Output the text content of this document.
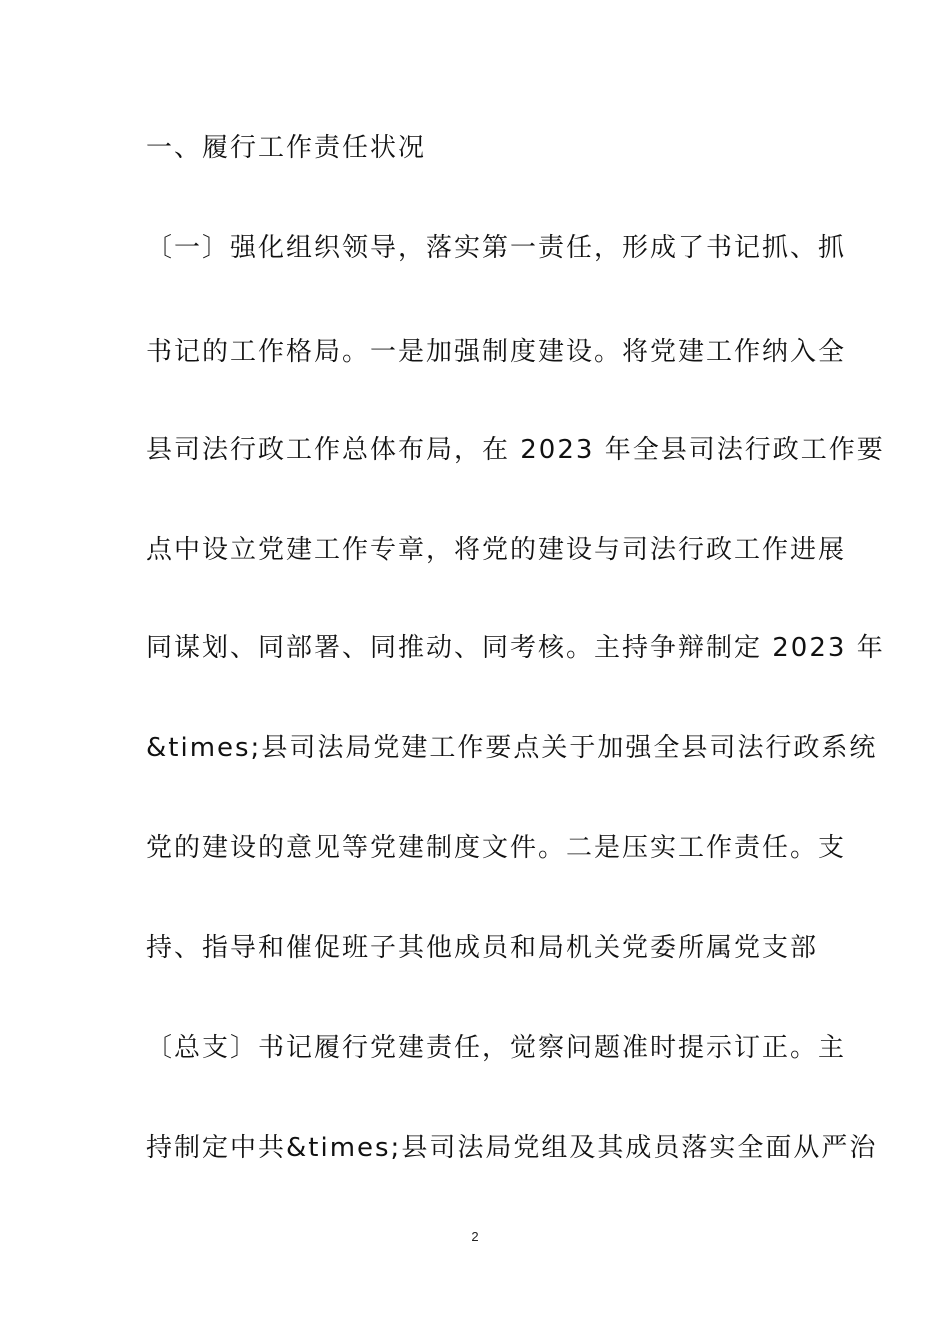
一、履行工作责任状况
〔一〕强化组织领导，落实第一责任，形成了书记抓、抓
书记的工作格局。一是加强制度建设。将党建工作纳入全
县司法行政工作总体布局，在 2023 年全县司法行政工作要
点中设立党建工作专章，将党的建设与司法行政工作进展
同谋划、同部署、同推动、同考核。主持争辩制定 2023 年
&times;县司法局党建工作要点关于加强全县司法行政系统
党的建设的意见等党建制度文件。二是压实工作责任。支
持、指导和催促班子其他成员和局机关党委所属党支部
〔总支〕书记履行党建责任，觉察问题准时提示订正。主
持制定中共&times;县司法局党组及其成员落实全面从严治
2
